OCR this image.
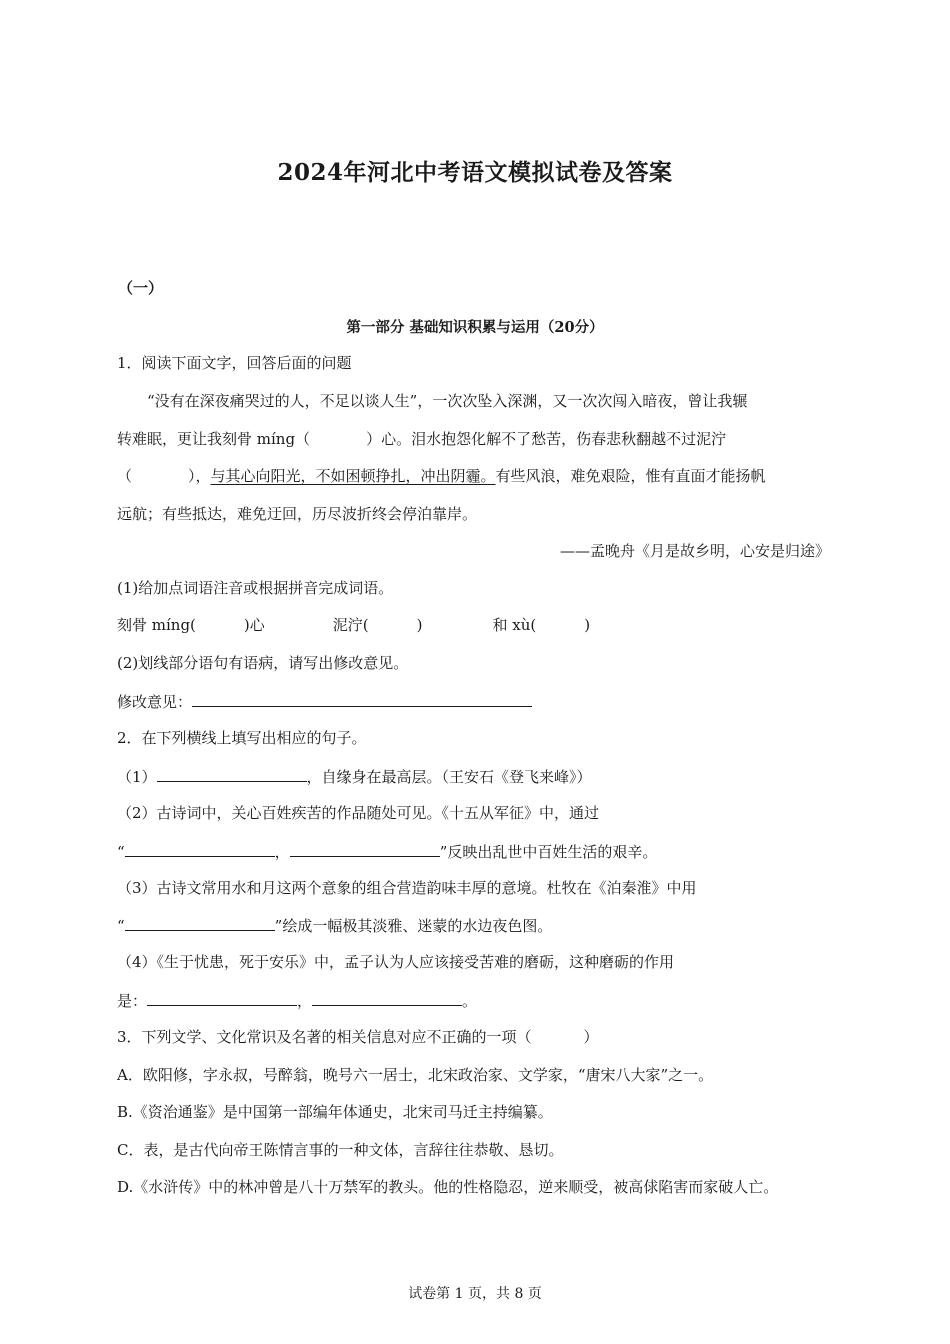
2024年河北中考语文模拟试卷及答案
（一）
第一部分 基础知识积累与运用（20分）
1．阅读下面文字，回答后面的问题
“没有在深夜痛哭过的人，不足以谈人生”，一次次坠入深渊，又一次次闯入暗夜，曾让我辗
转难眠，更让我刻骨 míng（	）心。泪水抱怨化解不了愁苦，伤春悲秋翻越不过泥泞
（	），与其心向阳光，不如困顿挣扎，冲出阴霾。有些风浪，难免艰险，惟有直面才能扬帆
远航；有些抵达，难免迂回，历尽波折终会停泊靠岸。
——孟晚舟《月是故乡明，心安是归途》
(1)给加点词语注音或根据拼音完成词语。
刻骨 míng(	)心	泥泞(	)	和 xù(	)
(2)划线部分语句有语病，请写出修改意见。
修改意见：
2．在下列横线上填写出相应的句子。
（1）	，自缘身在最高层。（王安石《登飞来峰》）
（2）古诗词中，关心百姓疾苦的作品随处可见。《十五从军征》中，通过
“	，	”反映出乱世中百姓生活的艰辛。
（3）古诗文常用水和月这两个意象的组合营造韵味丰厚的意境。杜牧在《泊秦淮》中用
“	”绘成一幅极其淡雅、迷蒙的水边夜色图。
（4）《生于忧患，死于安乐》中，孟子认为人应该接受苦难的磨砺，这种磨砺的作用
是：	，	。
3．下列文学、文化常识及名著的相关信息对应不正确的一项（	）
A．欧阳修，字永叔，号醉翁，晚号六一居士，北宋政治家、文学家，“唐宋八大家”之一。
B.《资治通鉴》是中国第一部编年体通史，北宋司马迁主持编纂。
C．表，是古代向帝王陈情言事的一种文体，言辞往往恭敬、恳切。
D.《水浒传》中的林冲曾是八十万禁军的教头。他的性格隐忍，逆来顺受，被高俅陷害而家破人亡。
试卷第 1 页，共 8 页
